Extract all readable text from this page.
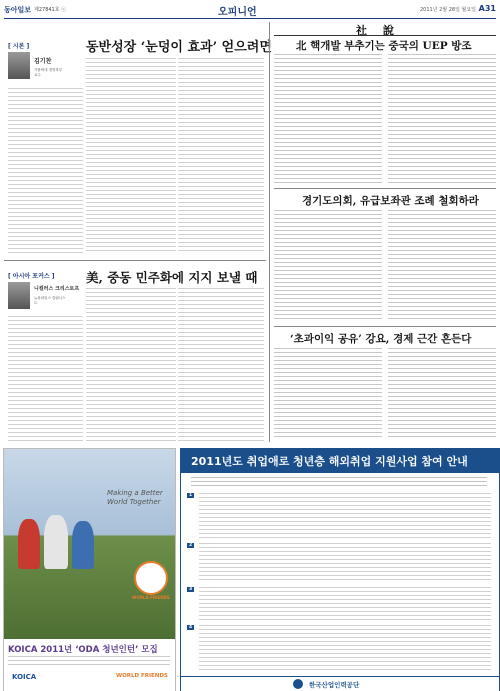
동아일보 제27841호 ⓒ	오피니언	2011년 2월 28일 월요일 A31
[ 시론 ]
김기찬
가톨릭대 경영학부 교수
동반성장 ‘눈덩이 효과’ 얻으려면
[ 아시아 포커스 ]
니컬러스 크리스토프
뉴욕타임스 칼럼니스트
美, 중동 민주화에 지지 보낼 때
社 說
北 핵개발 부추기는 중국의 UEP 방조
경기도의회, 유급보좌관 조례 철회하라
‘초과이익 공유’ 강요, 경제 근간 흔든다
Making a Better World Together
WORLD FRIENDS
KOICA 2011년 ‘ODA 청년인턴’ 모집
KOICA	WORLD FRIENDS
2011년도 취업애로 청년층 해외취업 지원사업 참여 안내
1
2
3
4
한국산업인력공단
